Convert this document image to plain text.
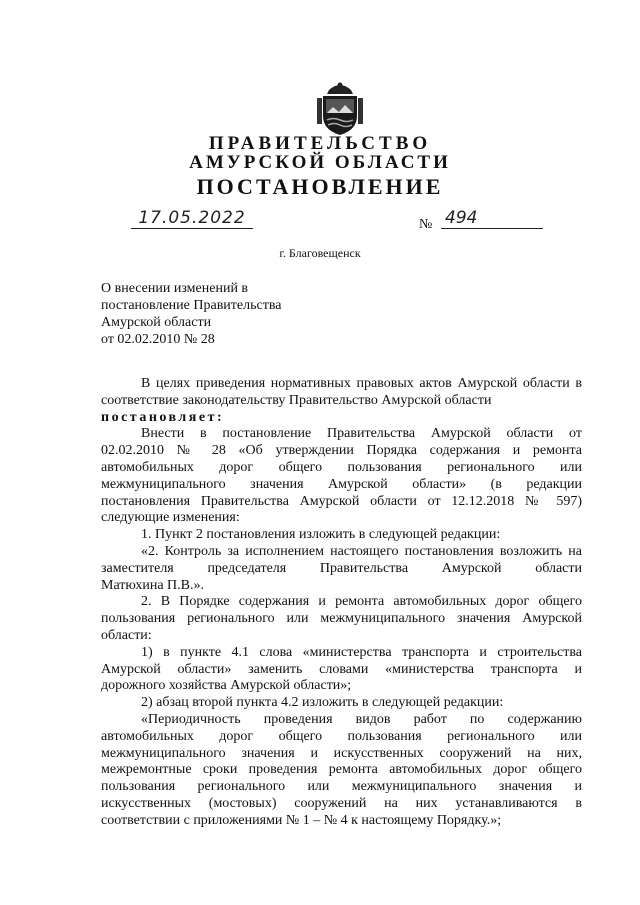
ПРАВИТЕЛЬСТВО
АМУРСКОЙ ОБЛАСТИ
ПОСТАНОВЛЕНИЕ
17.05.2022	№ 494
г. Благовещенск
О внесении изменений в
постановление Правительства
Амурской области
от 02.02.2010 № 28
В целях приведения нормативных правовых актов Амурской области в
соответствие законодательству Правительство Амурской области
постановляет:
Внести в постановление Правительства Амурской области от
02.02.2010 № 28 «Об утверждении Порядка содержания и ремонта
автомобильных дорог общего пользования регионального или
межмуниципального значения Амурской области» (в редакции
постановления Правительства Амурской области от 12.12.2018 № 597)
следующие изменения:
1. Пункт 2 постановления изложить в следующей редакции:
«2. Контроль за исполнением настоящего постановления возложить на
заместителя председателя Правительства Амурской области
Матюхина П.В.».
2. В Порядке содержания и ремонта автомобильных дорог общего
пользования регионального или межмуниципального значения Амурской
области:
1) в пункте 4.1 слова «министерства транспорта и строительства
Амурской области» заменить словами «министерства транспорта и
дорожного хозяйства Амурской области»;
2) абзац второй пункта 4.2 изложить в следующей редакции:
«Периодичность проведения видов работ по содержанию
автомобильных дорог общего пользования регионального или
межмуниципального значения и искусственных сооружений на них,
межремонтные сроки проведения ремонта автомобильных дорог общего
пользования регионального или межмуниципального значения и
искусственных (мостовых) сооружений на них устанавливаются в
соответствии с приложениями № 1 – № 4 к настоящему Порядку.»;
